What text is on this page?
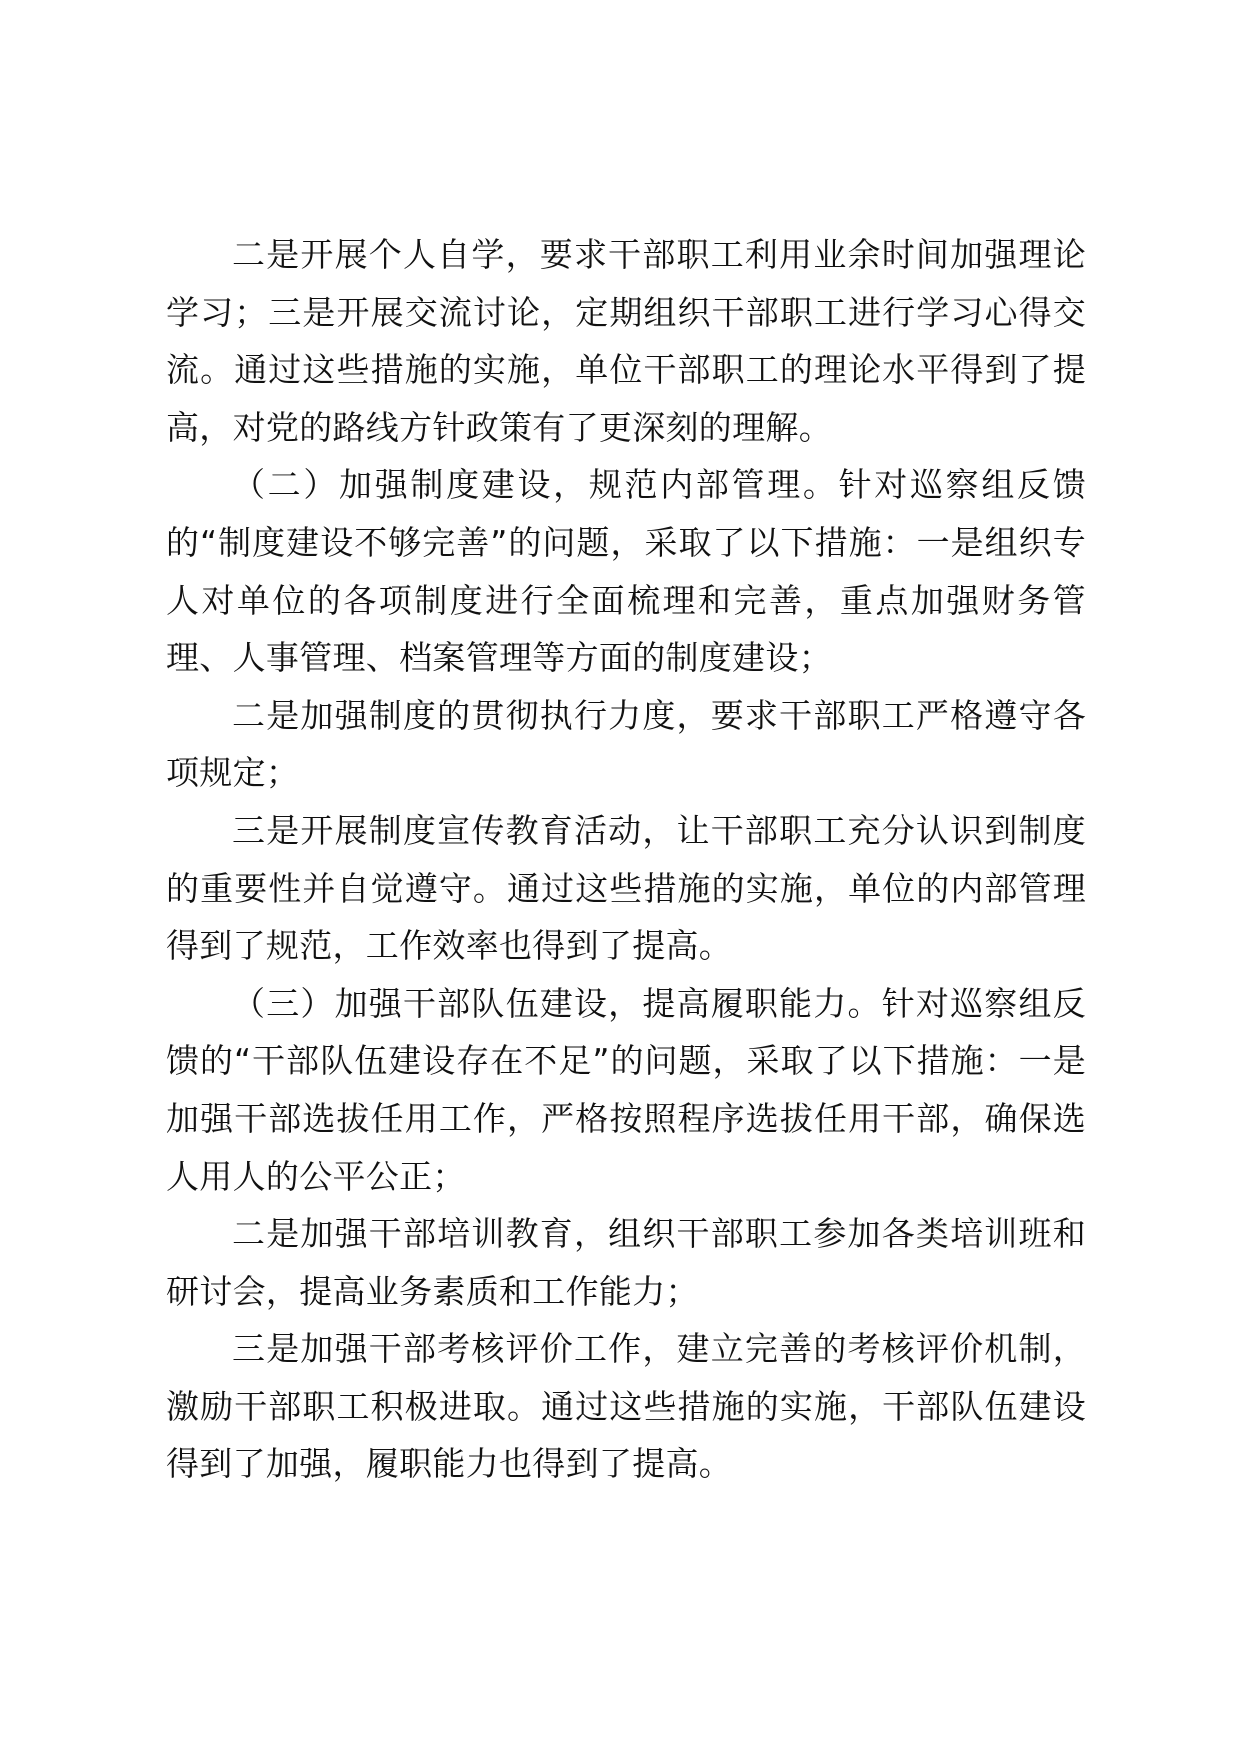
二是开展个人自学，要求干部职工利用业余时间加强理论学习；三是开展交流讨论，定期组织干部职工进行学习心得交流。通过这些措施的实施，单位干部职工的理论水平得到了提高，对党的路线方针政策有了更深刻的理解。

（二）加强制度建设，规范内部管理。针对巡察组反馈的“制度建设不够完善”的问题，采取了以下措施：一是组织专人对单位的各项制度进行全面梳理和完善，重点加强财务管理、人事管理、档案管理等方面的制度建设；

二是加强制度的贯彻执行力度，要求干部职工严格遵守各项规定；

三是开展制度宣传教育活动，让干部职工充分认识到制度的重要性并自觉遵守。通过这些措施的实施，单位的内部管理得到了规范，工作效率也得到了提高。

（三）加强干部队伍建设，提高履职能力。针对巡察组反馈的“干部队伍建设存在不足”的问题，采取了以下措施：一是加强干部选拔任用工作，严格按照程序选拔任用干部，确保选人用人的公平公正；

二是加强干部培训教育，组织干部职工参加各类培训班和研讨会，提高业务素质和工作能力；

三是加强干部考核评价工作，建立完善的考核评价机制，激励干部职工积极进取。通过这些措施的实施，干部队伍建设得到了加强，履职能力也得到了提高。
